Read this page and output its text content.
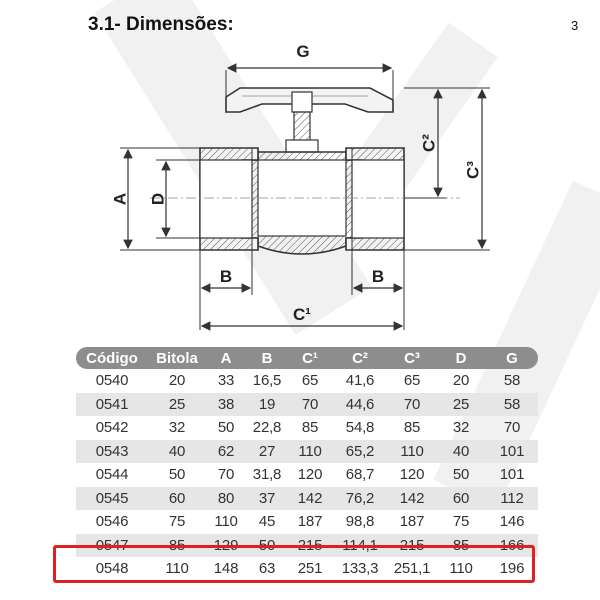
3.1- Dimensões:	3
G
A D
C²
C³
B	B
C¹
Código	Bitola	A	B	C¹	C²	C³	D	G
0540	20	33	16,5	65	41,6	65	20	58
0541	25	38	19	70	44,6	70	25	58
0542	32	50	22,8	85	54,8	85	32	70
0543	40	62	27	110	65,2	110	40	101
0544	50	70	31,8	120	68,7	120	50	101
0545	60	80	37	142	76,2	142	60	112
0546	75	110	45	187	98,8	187	75	146
0547	85	129	50	215	114,1	215	85	166
0548	110	148	63	251	133,3	251,1	110	196
